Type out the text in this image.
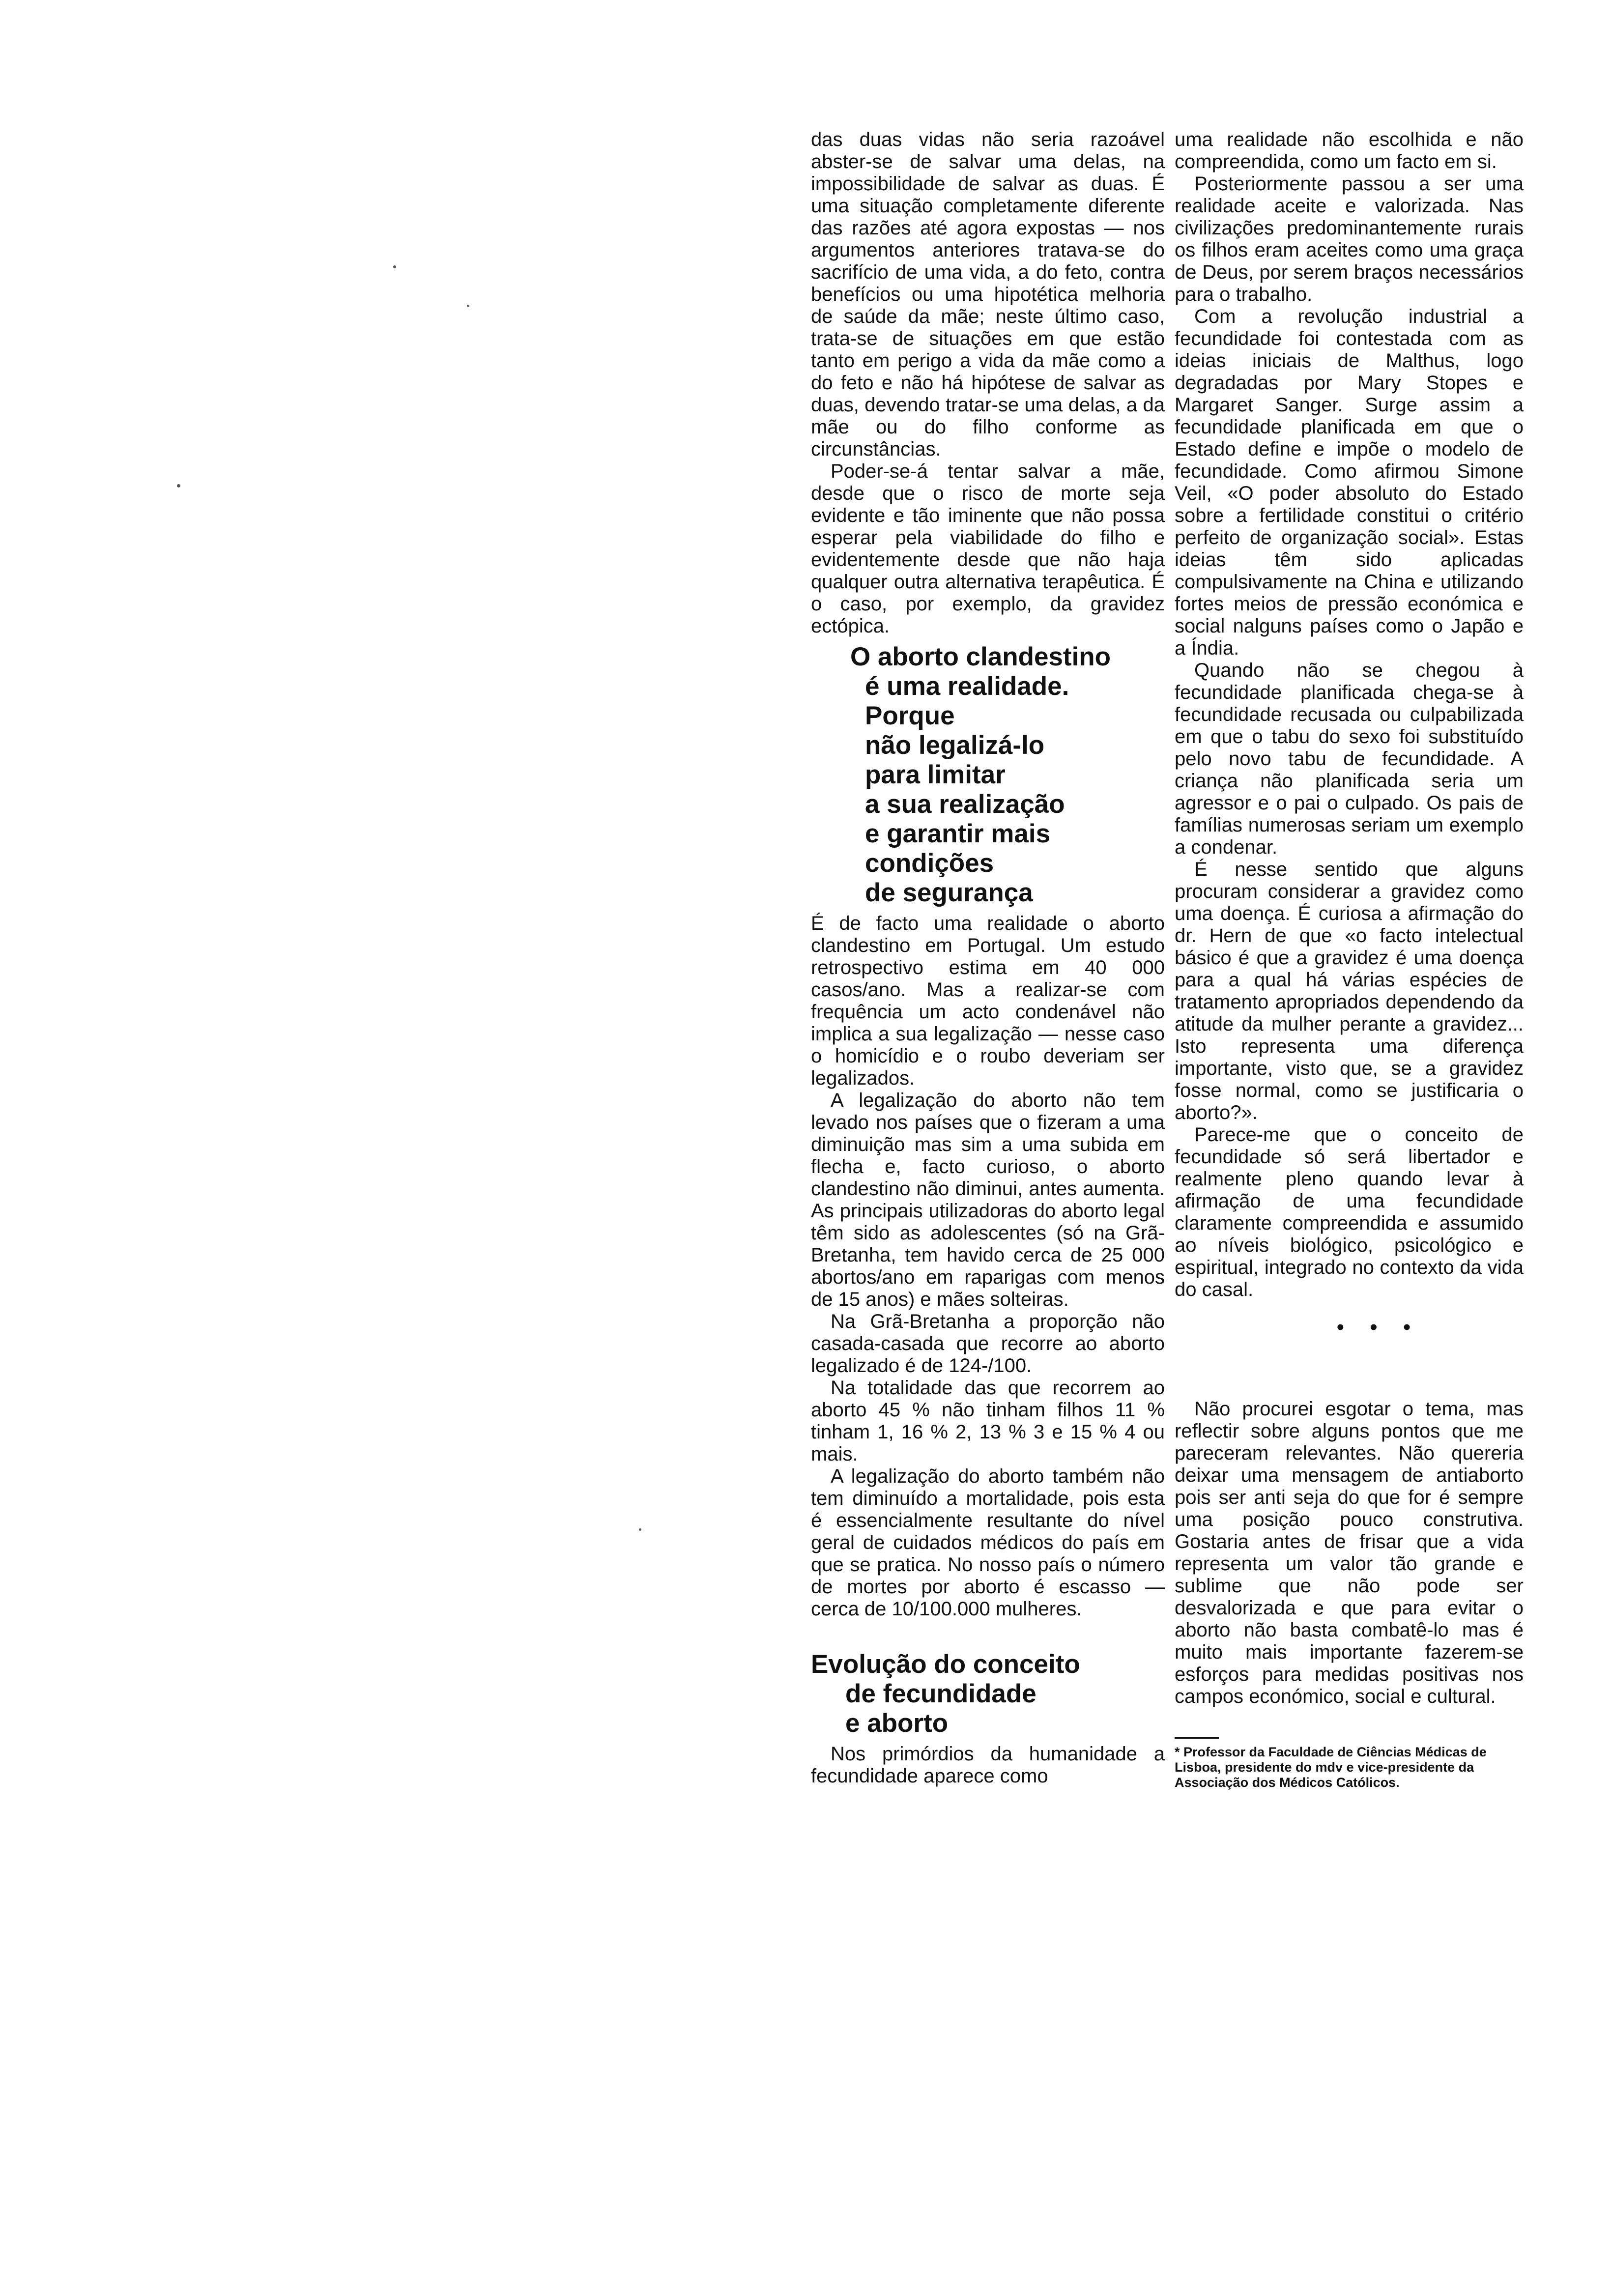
das duas vidas não seria razoável abster-se de salvar uma delas, na impossibilidade de salvar as duas. É uma situação completamente diferente das razões até agora expostas — nos argumentos anteriores tratava-se do sacrifício de uma vida, a do feto, contra benefícios ou uma hipotética melhoria de saúde da mãe; neste último caso, trata-se de situações em que estão tanto em perigo a vida da mãe como a do feto e não há hipótese de salvar as duas, devendo tratar-se uma delas, a da mãe ou do filho conforme as circunstâncias.

Poder-se-á tentar salvar a mãe, desde que o risco de morte seja evidente e tão iminente que não possa esperar pela viabilidade do filho e evidentemente desde que não haja qualquer outra alternativa terapêutica. É o caso, por exemplo, da gravidez ectópica.

O aborto clandestino
é uma realidade.
Porque
não legalizá-lo
para limitar
a sua realização
e garantir mais
condições
de segurança

É de facto uma realidade o aborto clandestino em Portugal. Um estudo retrospectivo estima em 40 000 casos/ano. Mas a realizar-se com frequência um acto condenável não implica a sua legalização — nesse caso o homicídio e o roubo deveriam ser legalizados.

A legalização do aborto não tem levado nos países que o fizeram a uma diminuição mas sim a uma subida em flecha e, facto curioso, o aborto clandestino não diminui, antes aumenta. As principais utilizadoras do aborto legal têm sido as adolescentes (só na Grã-Bretanha, tem havido cerca de 25 000 abortos/ano em raparigas com menos de 15 anos) e mães solteiras.

Na Grã-Bretanha a proporção não casada-casada que recorre ao aborto legalizado é de 124-/100.

Na totalidade das que recorrem ao aborto 45 % não tinham filhos 11 % tinham 1, 16 % 2, 13 % 3 e 15 % 4 ou mais.

A legalização do aborto também não tem diminuído a mortalidade, pois esta é essencialmente resultante do nível geral de cuidados médicos do país em que se pratica. No nosso país o número de mortes por aborto é escasso — cerca de 10/100.000 mulheres.

Evolução do conceito
de fecundidade
e aborto

Nos primórdios da humanidade a fecundidade aparece como

uma realidade não escolhida e não compreendida, como um facto em si.

Posteriormente passou a ser uma realidade aceite e valorizada. Nas civilizações predominantemente rurais os filhos eram aceites como uma graça de Deus, por serem braços necessários para o trabalho.

Com a revolução industrial a fecundidade foi contestada com as ideias iniciais de Malthus, logo degradadas por Mary Stopes e Margaret Sanger. Surge assim a fecundidade planificada em que o Estado define e impõe o modelo de fecundidade. Como afirmou Simone Veil, «O poder absoluto do Estado sobre a fertilidade constitui o critério perfeito de organização social». Estas ideias têm sido aplicadas compulsivamente na China e utilizando fortes meios de pressão económica e social nalguns países como o Japão e a Índia.

Quando não se chegou à fecundidade planificada chega-se à fecundidade recusada ou culpabilizada em que o tabu do sexo foi substituído pelo novo tabu de fecundidade. A criança não planificada seria um agressor e o pai o culpado. Os pais de famílias numerosas seriam um exemplo a condenar.

É nesse sentido que alguns procuram considerar a gravidez como uma doença. É curiosa a afirmação do dr. Hern de que «o facto intelectual básico é que a gravidez é uma doença para a qual há várias espécies de tratamento apropriados dependendo da atitude da mulher perante a gravidez... Isto representa uma diferença importante, visto que, se a gravidez fosse normal, como se justificaria o aborto?».

Parece-me que o conceito de fecundidade só será libertador e realmente pleno quando levar à afirmação de uma fecundidade claramente compreendida e assumido ao níveis biológico, psicológico e espiritual, integrado no contexto da vida do casal.

• • •

Não procurei esgotar o tema, mas reflectir sobre alguns pontos que me pareceram relevantes. Não quereria deixar uma mensagem de antiaborto pois ser anti seja do que for é sempre uma posição pouco construtiva. Gostaria antes de frisar que a vida representa um valor tão grande e sublime que não pode ser desvalorizada e que para evitar o aborto não basta combatê-lo mas é muito mais importante fazerem-se esforços para medidas positivas nos campos económico, social e cultural.

* Professor da Faculdade de Ciências Médicas de Lisboa, presidente do mdv e vice-presidente da Associação dos Médicos Católicos.
